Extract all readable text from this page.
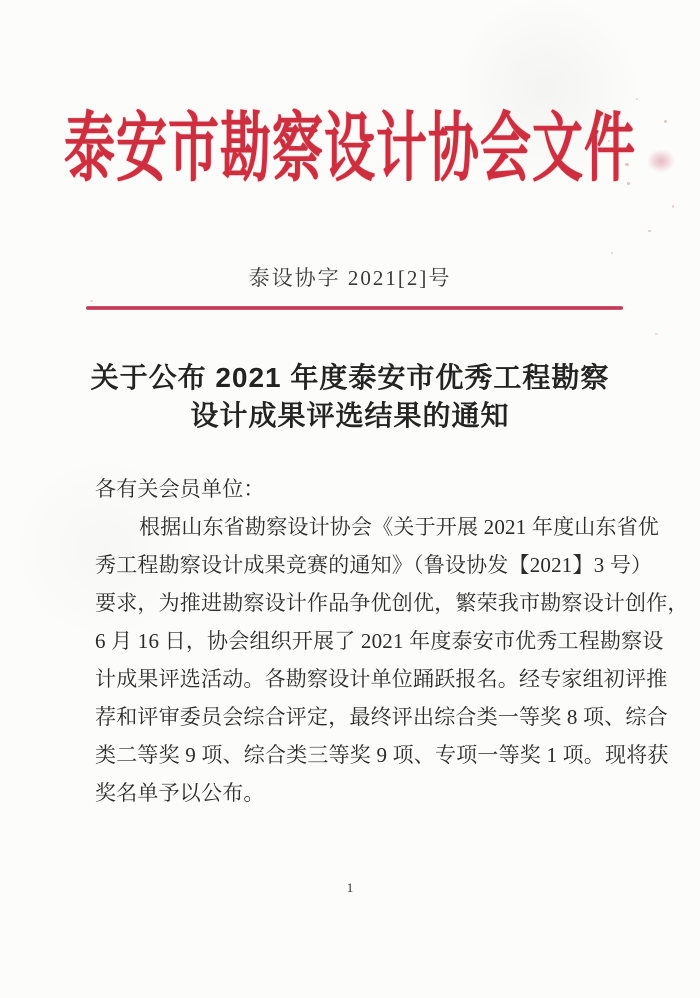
泰安市勘察设计协会文件
泰设协字 2021[2]号
关于公布 2021 年度泰安市优秀工程勘察
设计成果评选结果的通知
各有关会员单位：
根据山东省勘察设计协会《关于开展 2021 年度山东省优
秀工程勘察设计成果竞赛的通知》（鲁设协发【2021】3 号）
要求，为推进勘察设计作品争优创优，繁荣我市勘察设计创作，
6 月 16 日，协会组织开展了 2021 年度泰安市优秀工程勘察设
计成果评选活动。各勘察设计单位踊跃报名。经专家组初评推
荐和评审委员会综合评定，最终评出综合类一等奖 8 项、综合
类二等奖 9 项、综合类三等奖 9 项、专项一等奖 1 项。现将获
奖名单予以公布。
1
